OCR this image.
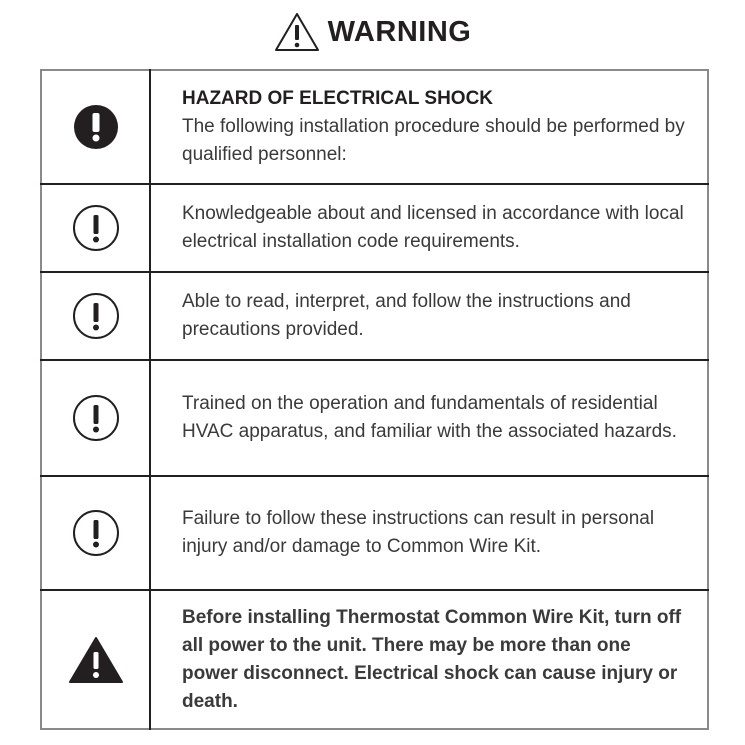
WARNING

HAZARD OF ELECTRICAL SHOCK
The following installation procedure should be performed by qualified personnel:

	Knowledgeable about and licensed in accordance with local electrical installation code requirements.

	Able to read, interpret, and follow the instructions and precautions provided.

	Trained on the operation and fundamentals of residential HVAC apparatus, and familiar with the associated hazards.

	Failure to follow these instructions can result in personal injury and/or damage to Common Wire Kit.

	Before installing Thermostat Common Wire Kit, turn off all power to the unit. There may be more than one power disconnect. Electrical shock can cause injury or death.
